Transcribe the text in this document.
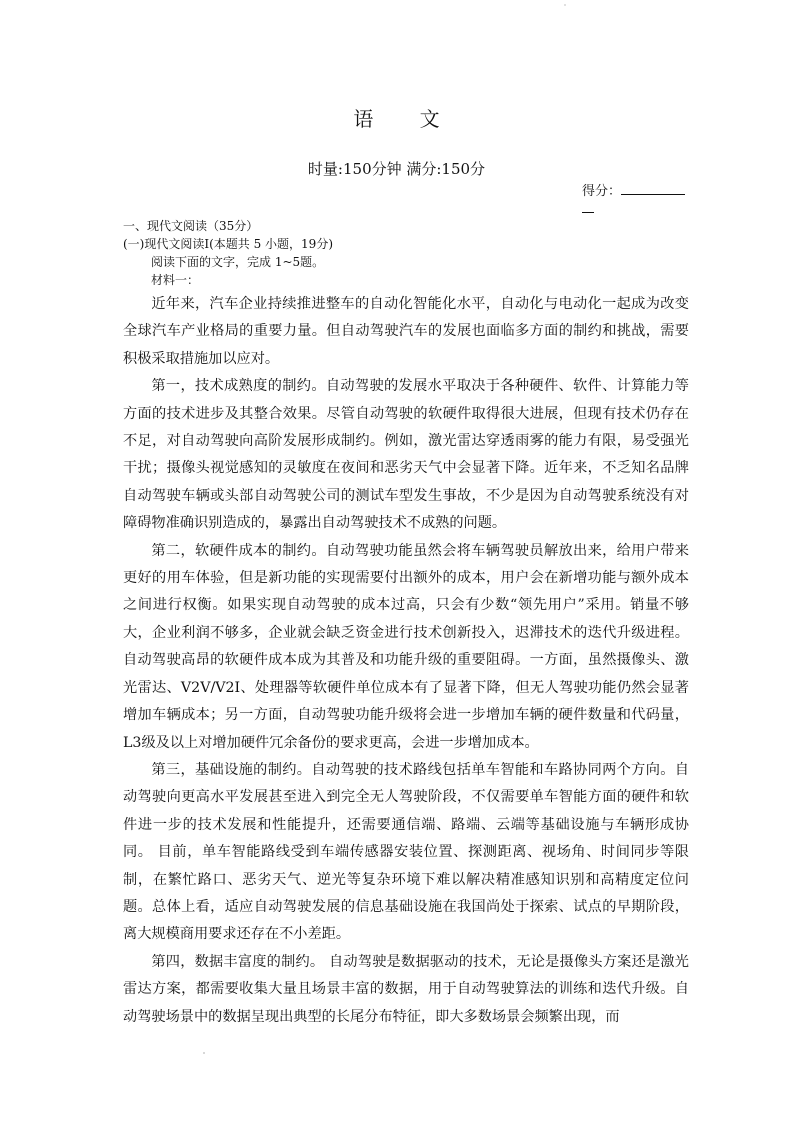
语 文
时量:150分钟 满分:150分
得分：
一、现代文阅读（35分）
(一)现代文阅读Ⅰ(本题共 5 小题，19分)
阅读下面的文字，完成 1~5题。
材料一：

近年来，汽车企业持续推进整车的自动化智能化水平，自动化与电动化一起成为改变全球汽车产业格局的重要力量。但自动驾驶汽车的发展也面临多方面的制约和挑战，需要积极采取措施加以应对。

第一，技术成熟度的制约。自动驾驶的发展水平取决于各种硬件、软件、计算能力等方面的技术进步及其整合效果。尽管自动驾驶的软硬件取得很大进展，但现有技术仍存在不足，对自动驾驶向高阶发展形成制约。例如，激光雷达穿透雨雾的能力有限，易受强光干扰；摄像头视觉感知的灵敏度在夜间和恶劣天气中会显著下降。近年来，不乏知名品牌自动驾驶车辆或头部自动驾驶公司的测试车型发生事故，不少是因为自动驾驶系统没有对障碍物准确识别造成的，暴露出自动驾驶技术不成熟的问题。

第二，软硬件成本的制约。自动驾驶功能虽然会将车辆驾驶员解放出来，给用户带来更好的用车体验，但是新功能的实现需要付出额外的成本，用户会在新增功能与额外成本之间进行权衡。如果实现自动驾驶的成本过高，只会有少数“领先用户”采用。销量不够大，企业利润不够多，企业就会缺乏资金进行技术创新投入，迟滞技术的迭代升级进程。自动驾驶高昂的软硬件成本成为其普及和功能升级的重要阻碍。一方面，虽然摄像头、激光雷达、V2V/V2I、处理器等软硬件单位成本有了显著下降，但无人驾驶功能仍然会显著增加车辆成本；另一方面，自动驾驶功能升级将会进一步增加车辆的硬件数量和代码量，L3级及以上对增加硬件冗余备份的要求更高，会进一步增加成本。

第三，基础设施的制约。自动驾驶的技术路线包括单车智能和车路协同两个方向。自动驾驶向更高水平发展甚至进入到完全无人驾驶阶段，不仅需要单车智能方面的硬件和软件进一步的技术发展和性能提升，还需要通信端、路端、云端等基础设施与车辆形成协同。 目前，单车智能路线受到车端传感器安装位置、探测距离、视场角、时间同步等限制，在繁忙路口、恶劣天气、逆光等复杂环境下难以解决精准感知识别和高精度定位问题。总体上看，适应自动驾驶发展的信息基础设施在我国尚处于探索、试点的早期阶段，离大规模商用要求还存在不小差距。

第四，数据丰富度的制约。 自动驾驶是数据驱动的技术，无论是摄像头方案还是激光雷达方案，都需要收集大量且场景丰富的数据，用于自动驾驶算法的训练和迭代升级。自动驾驶场景中的数据呈现出典型的长尾分布特征，即大多数场景会频繁出现，而
